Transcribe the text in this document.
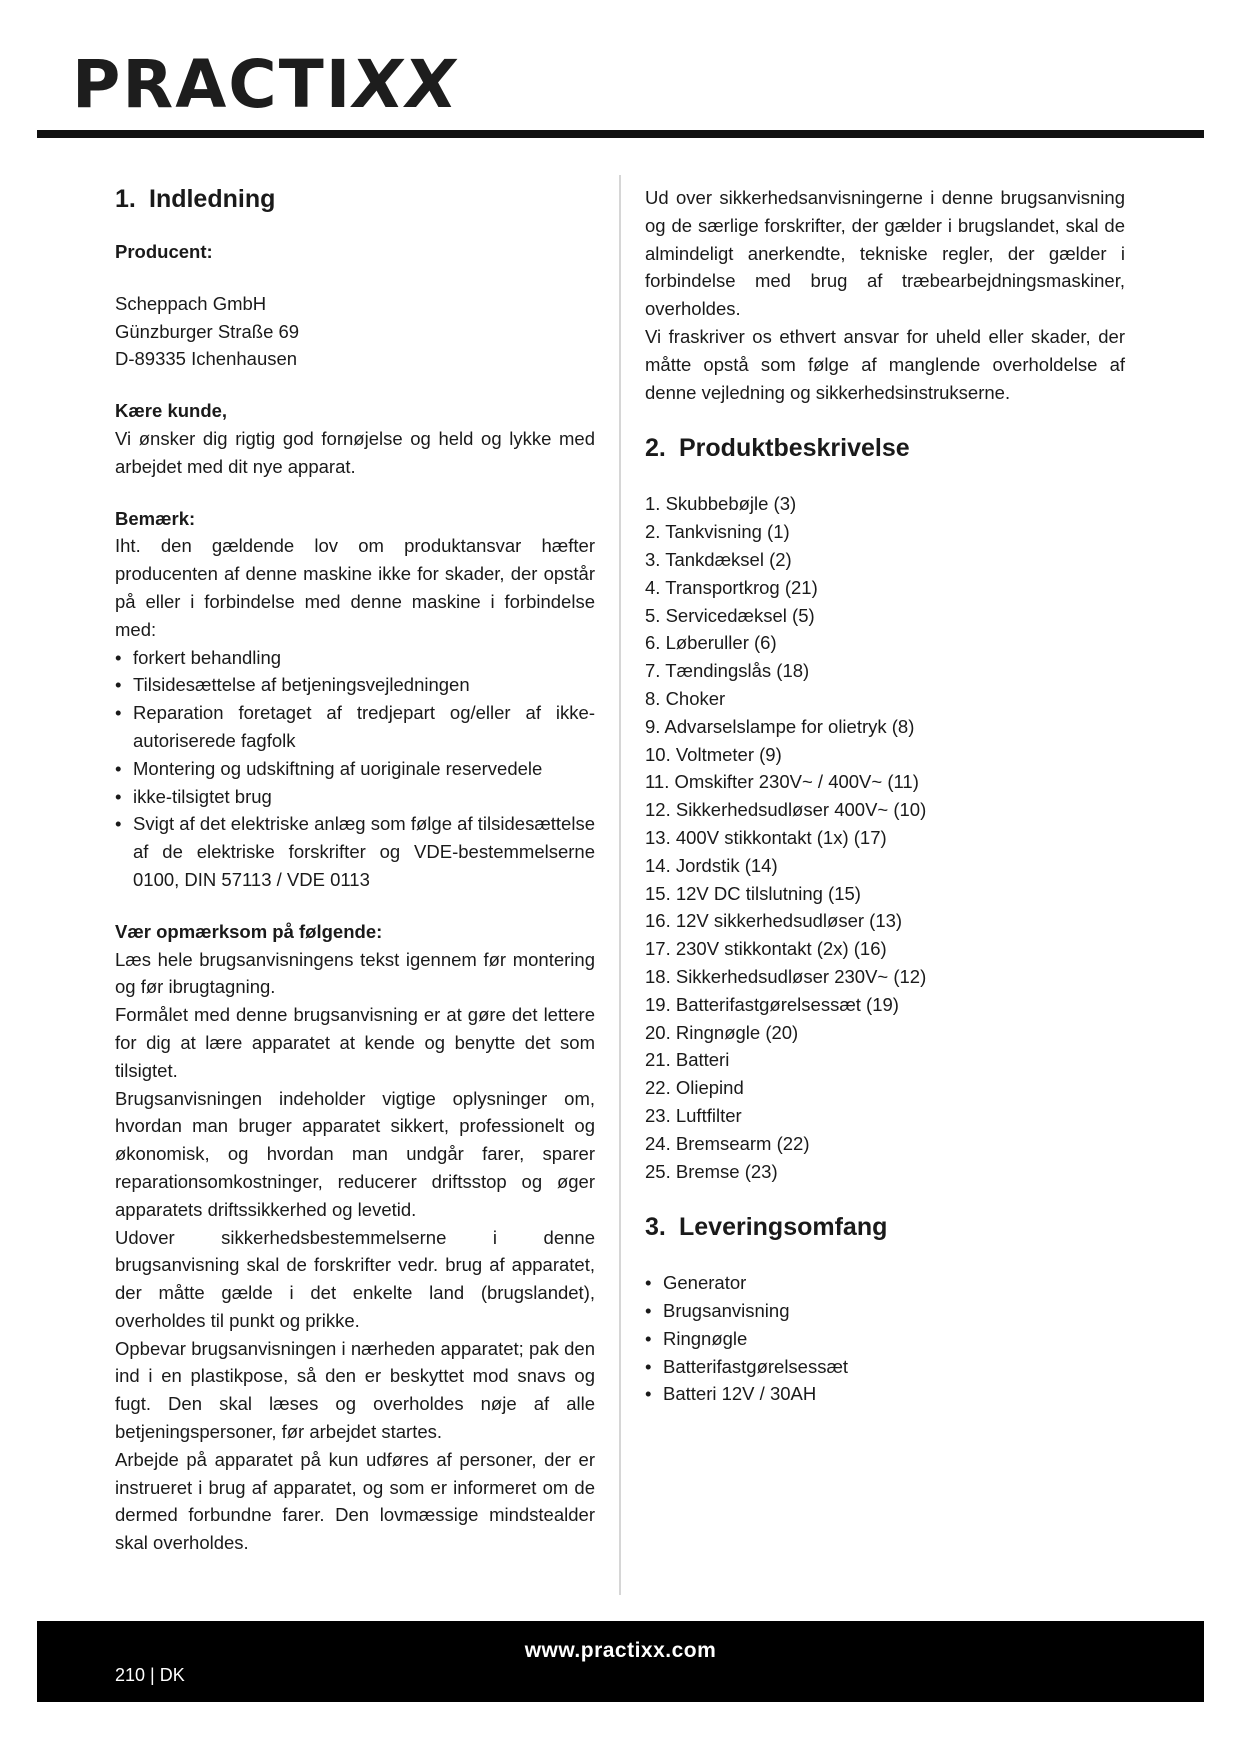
PRACTIXX
1. Indledning

Producent:

Scheppach GmbH

Günzburger Straße 69

D-89335 Ichenhausen

Kære kunde,

Vi ønsker dig rigtig god fornøjelse og held og lykke med arbejdet med dit nye apparat.

Bemærk:

Iht. den gældende lov om produktansvar hæfter producenten af denne maskine ikke for skader, der opstår på eller i forbindelse med denne maskine i forbindelse med:

• forkert behandling
• Tilsidesættelse af betjeningsvejledningen
• Reparation foretaget af tredjepart og/eller af ikke-autoriserede fagfolk
• Montering og udskiftning af uoriginale reservedele
• ikke-tilsigtet brug
• Svigt af det elektriske anlæg som følge af tilsidesættelse af de elektriske forskrifter og VDE-bestemmelserne 0100, DIN 57113 / VDE 0113

Vær opmærksom på følgende:

Læs hele brugsanvisningens tekst igennem før montering og før ibrugtagning.

Formålet med denne brugsanvisning er at gøre det lettere for dig at lære apparatet at kende og benytte det som tilsigtet.

Brugsanvisningen indeholder vigtige oplysninger om, hvordan man bruger apparatet sikkert, professionelt og økonomisk, og hvordan man undgår farer, sparer reparationsomkostninger, reducerer driftsstop og øger apparatets driftssikkerhed og levetid.

Udover sikkerhedsbestemmelserne i denne brugsanvisning skal de forskrifter vedr. brug af apparatet, der måtte gælde i det enkelte land (brugslandet), overholdes til punkt og prikke.

Opbevar brugsanvisningen i nærheden apparatet; pak den ind i en plastikpose, så den er beskyttet mod snavs og fugt. Den skal læses og overholdes nøje af alle betjeningspersoner, før arbejdet startes.

Arbejde på apparatet på kun udføres af personer, der er instrueret i brug af apparatet, og som er informeret om de dermed forbundne farer. Den lovmæssige mindstealder skal overholdes.

Ud over sikkerhedsanvisningerne i denne brugsanvisning og de særlige forskrifter, der gælder i brugslandet, skal de almindeligt anerkendte, tekniske regler, der gælder i forbindelse med brug af træbearbejdningsmaskiner, overholdes.

Vi fraskriver os ethvert ansvar for uheld eller skader, der måtte opstå som følge af manglende overholdelse af denne vejledning og sikkerhedsinstrukserne.

2. Produktbeskrivelse
1. Skubbebøjle (3)
2. Tankvisning (1)
3. Tankdæksel (2)
4. Transportkrog (21)
5. Servicedæksel (5)
6. Løberuller (6)
7. Tændingslås (18)
8. Choker
9. Advarselslampe for olietryk (8)
10. Voltmeter (9)
11. Omskifter 230V~ / 400V~ (11)
12. Sikkerhedsudløser 400V~ (10)
13. 400V stikkontakt (1x) (17)
14. Jordstik (14)
15. 12V DC tilslutning (15)
16. 12V sikkerhedsudløser (13)
17. 230V stikkontakt (2x) (16)
18. Sikkerhedsudløser 230V~ (12)
19. Batterifastgørelsessæt (19)
20. Ringnøgle (20)
21. Batteri
22. Oliepind
23. Luftfilter
24. Bremsearm (22)
25. Bremse (23)
3. Leveringsomfang
• Generator
• Brugsanvisning
• Ringnøgle
• Batterifastgørelsessæt
• Batteri 12V / 30AH
www.practixx.com
210 | DK
